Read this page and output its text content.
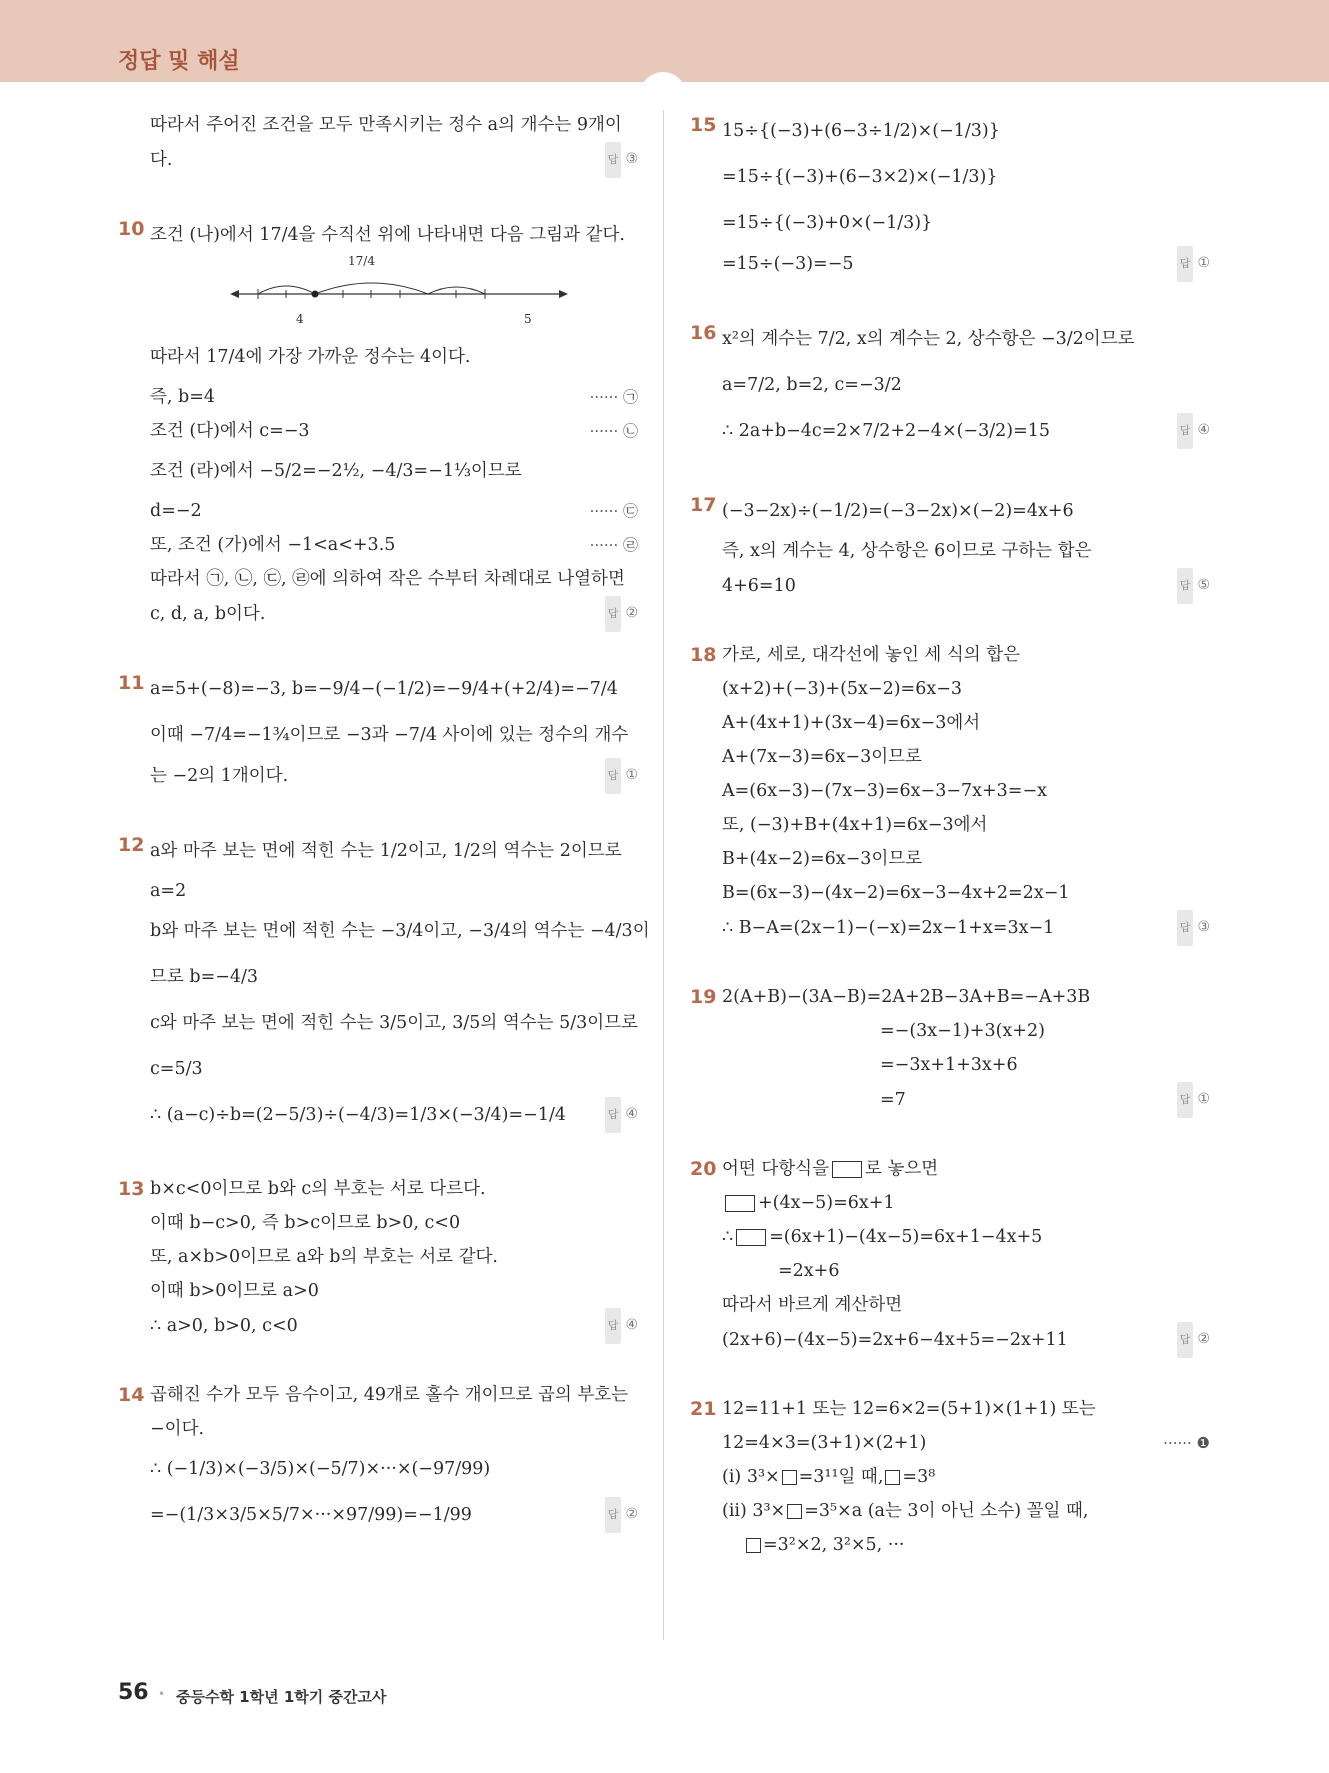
정답 및 해설
따라서 주어진 조건을 모두 만족시키는 정수 a의 개수는 9개이
다.	답 ③
10 조건 (나)에서 17/4을 수직선 위에 나타내면 다음 그림과 같다.
17/4
4	5
따라서 17/4에 가장 가까운 정수는 4이다.
즉, b=4	······ ㉠
조건 (다)에서 c=−3	······ ㉡
조건 (라)에서 −5/2=−2½, −4/3=−1⅓이므로
d=−2	······ ㉢
또, 조건 (가)에서 −1<a<+3.5	······ ㉣
따라서 ㉠, ㉡, ㉢, ㉣에 의하여 작은 수부터 차례대로 나열하면
c, d, a, b이다.	답 ②
11 a=5+(−8)=−3, b=−9/4−(−1/2)=−9/4+(+2/4)=−7/4
이때 −7/4=−1¾이므로 −3과 −7/4 사이에 있는 정수의 개수
는 −2의 1개이다.	답 ①
12 a와 마주 보는 면에 적힌 수는 1/2이고, 1/2의 역수는 2이므로
a=2
b와 마주 보는 면에 적힌 수는 −3/4이고, −3/4의 역수는 −4/3이
므로 b=−4/3
c와 마주 보는 면에 적힌 수는 3/5이고, 3/5의 역수는 5/3이므로
c=5/3
∴ (a−c)÷b=(2−5/3)÷(−4/3)=1/3×(−3/4)=−1/4	답 ④
13 b×c<0이므로 b와 c의 부호는 서로 다르다.
이때 b−c>0, 즉 b>c이므로 b>0, c<0
또, a×b>0이므로 a와 b의 부호는 서로 같다.
이때 b>0이므로 a>0
∴ a>0, b>0, c<0	답 ④
14 곱해진 수가 모두 음수이고, 49개로 홀수 개이므로 곱의 부호는
−이다.
∴ (−1/3)×(−3/5)×(−5/7)×···×(−97/99)
=−(1/3×3/5×5/7×···×97/99)=−1/99	답 ②
15 15÷{(−3)+(6−3÷1/2)×(−1/3)}
=15÷{(−3)+(6−3×2)×(−1/3)}
=15÷{(−3)+0×(−1/3)}
=15÷(−3)=−5	답 ①
16 x²의 계수는 7/2, x의 계수는 2, 상수항은 −3/2이므로
a=7/2, b=2, c=−3/2
∴ 2a+b−4c=2×7/2+2−4×(−3/2)=15	답 ④
17 (−3−2x)÷(−1/2)=(−3−2x)×(−2)=4x+6
즉, x의 계수는 4, 상수항은 6이므로 구하는 합은
4+6=10	답 ⑤
18 가로, 세로, 대각선에 놓인 세 식의 합은
(x+2)+(−3)+(5x−2)=6x−3
A+(4x+1)+(3x−4)=6x−3에서
A+(7x−3)=6x−3이므로
A=(6x−3)−(7x−3)=6x−3−7x+3=−x
또, (−3)+B+(4x+1)=6x−3에서
B+(4x−2)=6x−3이므로
B=(6x−3)−(4x−2)=6x−3−4x+2=2x−1
∴ B−A=(2x−1)−(−x)=2x−1+x=3x−1	답 ③
19 2(A+B)−(3A−B)=2A+2B−3A+B=−A+3B
=−(3x−1)+3(x+2)
=−3x+1+3x+6
=7	답 ①
20 어떤 다항식을 로 놓으면
+(4x−5)=6x+1
∴ =(6x+1)−(4x−5)=6x+1−4x+5
=2x+6
따라서 바르게 계산하면
(2x+6)−(4x−5)=2x+6−4x+5=−2x+11	답 ②
21 12=11+1 또는 12=6×2=(5+1)×(1+1) 또는
12=4×3=(3+1)×(2+1)	······ ❶
(i) 3³× =3¹¹일 때, =3⁸
(ii) 3³× =3⁵×a (a는 3이 아닌 소수) 꼴일 때,
=3²×2, 3²×5, ···
56 • 중등수학 1학년 1학기 중간고사
